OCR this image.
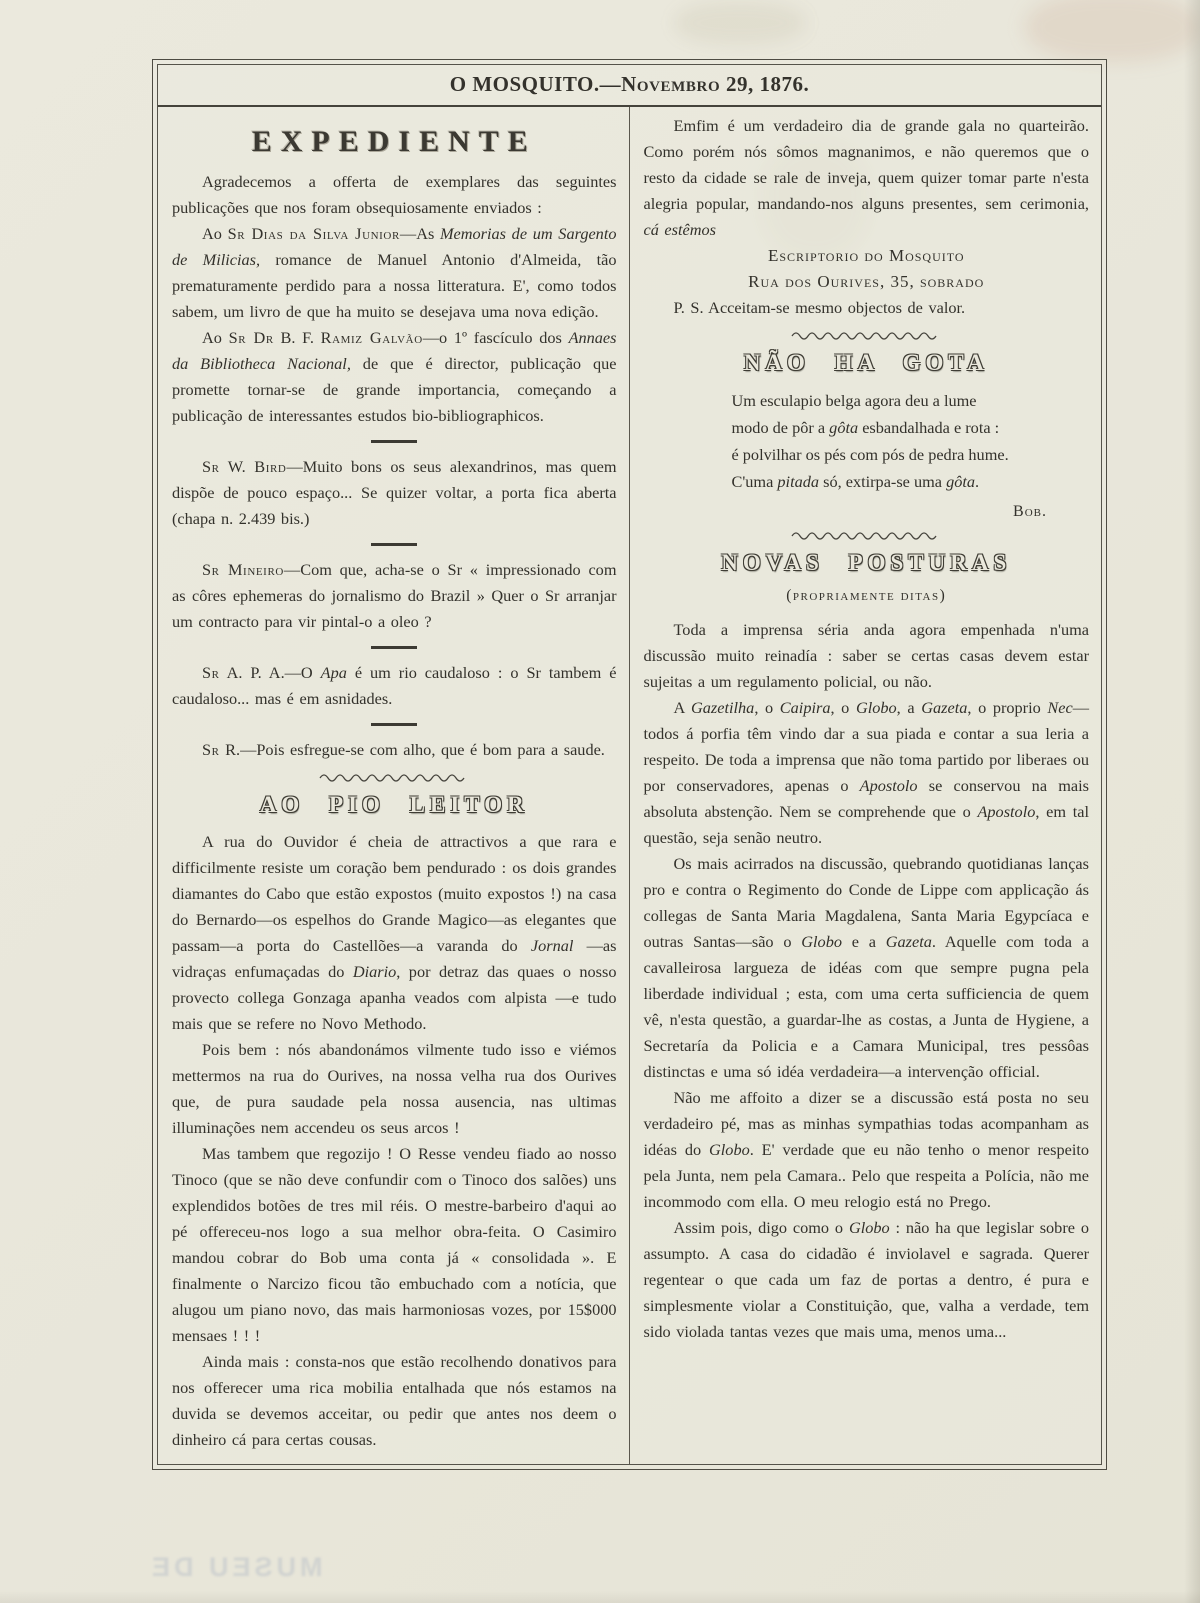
MUSEU DE
O MOSQUITO.—Novembro 29, 1876.
EXPEDIENTE

Agradecemos a offerta de exemplares das seguintes publicações que nos foram obsequiosamente enviados :

Ao Sr Dias da Silva Junior—As Memorias de um Sargento de Milicias, romance de Manuel Antonio d'Almeida, tão prematuramente perdido para a nossa litteratura. E', como todos sabem, um livro de que ha muito se desejava uma nova edição.

Ao Sr Dr B. F. Ramiz Galvão—o 1º fascículo dos Annaes da Bibliotheca Nacional, de que é director, publicação que promette tornar-se de grande importancia, começando a publicação de interessantes estudos bio-bibliographicos.

Sr W. Bird—Muito bons os seus alexandrinos, mas quem dispõe de pouco espaço... Se quizer voltar, a porta fica aberta (chapa n. 2.439 bis.)

Sr Mineiro—Com que, acha-se o Sr « impressionado com as côres ephemeras do jornalismo do Brazil » Quer o Sr arranjar um contracto para vir pintal-o a oleo ?

Sr A. P. A.—O Apa é um rio caudaloso : o Sr tambem é caudaloso... mas é em asnidades.

Sr R.—Pois esfregue-se com alho, que é bom para a saude.

AO PIO LEITOR

A rua do Ouvidor é cheia de attractivos a que rara e difficilmente resiste um coração bem pendurado : os dois grandes diamantes do Cabo que estão expostos (muito expostos !) na casa do Bernardo—os espelhos do Grande Magico—as elegantes que passam—a porta do Castellões—a varanda do Jornal —as vidraças enfumaçadas do Diario, por detraz das quaes o nosso provecto collega Gonzaga apanha veados com alpista —e tudo mais que se refere no Novo Methodo.

Pois bem : nós abandonámos vilmente tudo isso e viémos mettermos na rua do Ourives, na nossa velha rua dos Ourives que, de pura saudade pela nossa ausencia, nas ultimas illuminações nem accendeu os seus arcos !

Mas tambem que regozijo ! O Resse vendeu fiado ao nosso Tinoco (que se não deve confundir com o Tinoco dos salões) uns explendidos botões de tres mil réis. O mestre-barbeiro d'aqui ao pé offereceu-nos logo a sua melhor obra-feita. O Casimiro mandou cobrar do Bob uma conta já « consolidada ». E finalmente o Narcizo ficou tão embuchado com a notícia, que alugou um piano novo, das mais harmoniosas vozes, por 15$000 mensaes ! ! !

Ainda mais : consta-nos que estão recolhendo donativos para nos offerecer uma rica mobilia entalhada que nós estamos na duvida se devemos acceitar, ou pedir que antes nos deem o dinheiro cá para certas cousas.

Emfim é um verdadeiro dia de grande gala no quarteirão. Como porém nós sômos magnanimos, e não queremos que o resto da cidade se rale de inveja, quem quizer tomar parte n'esta alegria popular, mandando-nos alguns presentes, sem cerimonia, cá estêmos

Escriptorio do Mosquito
Rua dos Ourives, 35, sobrado

P. S. Acceitam-se mesmo objectos de valor.

NÃO HA GOTA
Um esculapio belga agora deu a lume
modo de pôr a gôta esbandalhada e rota :
é polvilhar os pés com pós de pedra hume.
C'uma pitada só, extirpa-se uma gôta.
Bob.
NOVAS POSTURAS
(propriamente ditas)

Toda a imprensa séria anda agora empenhada n'uma discussão muito reinadía : saber se certas casas devem estar sujeitas a um regulamento policial, ou não.

A Gazetilha, o Caipira, o Globo, a Gazeta, o proprio Nec—todos á porfia têm vindo dar a sua piada e contar a sua leria a respeito. De toda a imprensa que não toma partido por liberaes ou por conservadores, apenas o Apostolo se conservou na mais absoluta abstenção. Nem se comprehende que o Apostolo, em tal questão, seja senão neutro.

Os mais acirrados na discussão, quebrando quotidianas lanças pro e contra o Regimento do Conde de Lippe com applicação ás collegas de Santa Maria Magdalena, Santa Maria Egypcíaca e outras Santas—são o Globo e a Gazeta. Aquelle com toda a cavalleirosa largueza de idéas com que sempre pugna pela liberdade individual ; esta, com uma certa sufficiencia de quem vê, n'esta questão, a guardar-lhe as costas, a Junta de Hygiene, a Secretaría da Policia e a Camara Municipal, tres pessôas distinctas e uma só idéa verdadeira—a intervenção official.

Não me affoito a dizer se a discussão está posta no seu verdadeiro pé, mas as minhas sympathias todas acompanham as idéas do Globo. E' verdade que eu não tenho o menor respeito pela Junta, nem pela Camara.. Pelo que respeita a Polícia, não me incommodo com ella. O meu relogio está no Prego.

Assim pois, digo como o Globo : não ha que legislar sobre o assumpto. A casa do cidadão é inviolavel e sagrada. Querer regentear o que cada um faz de portas a dentro, é pura e simplesmente violar a Constituição, que, valha a verdade, tem sido violada tantas vezes que mais uma, menos uma...
